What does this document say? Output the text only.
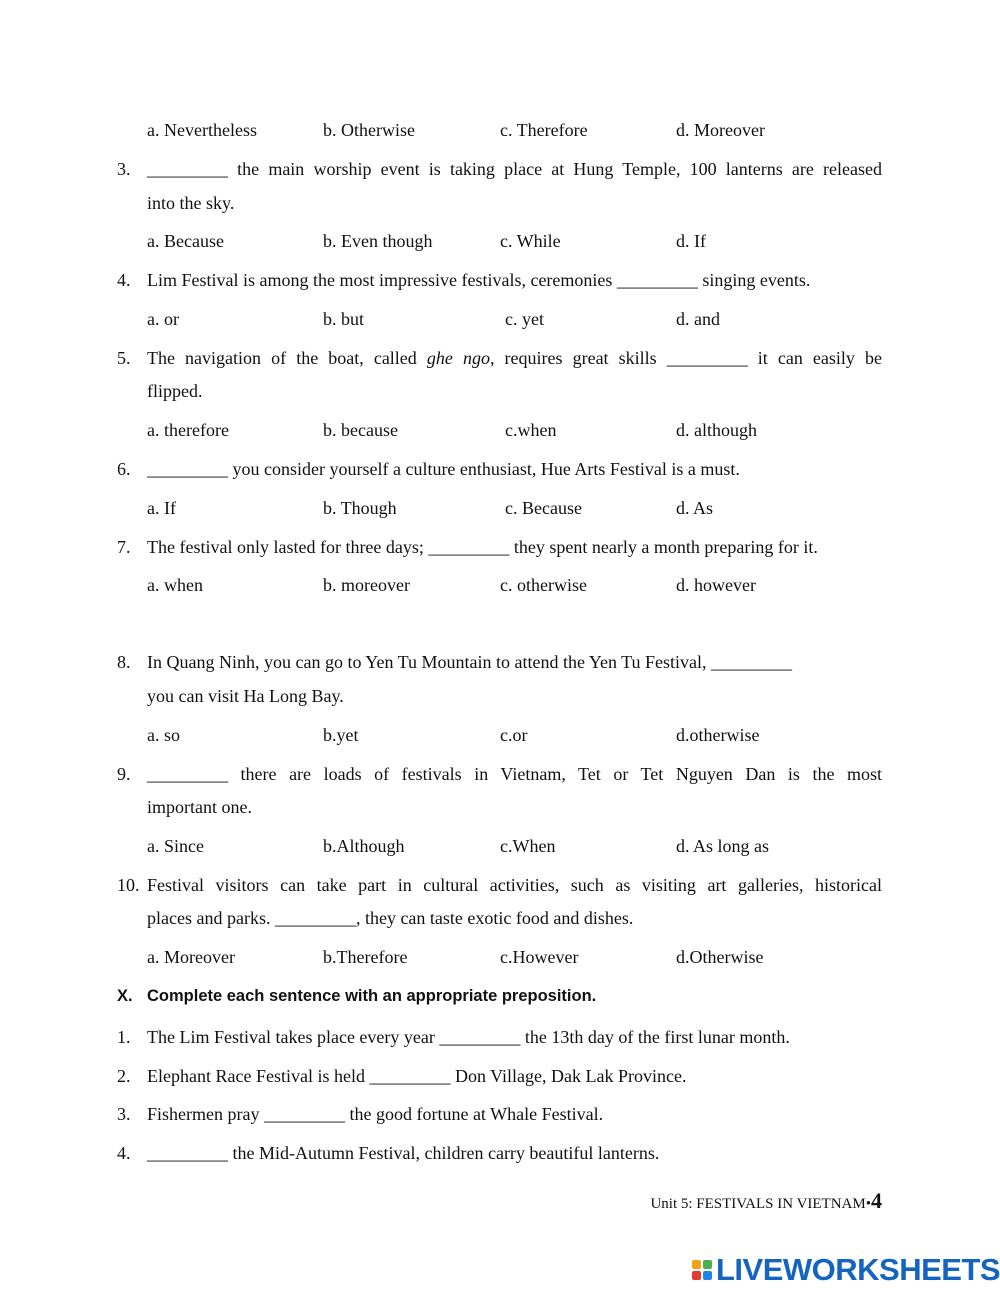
a. Nevertheless	b. Otherwise	c. Therefore	d. Moreover
3. _________ the main worship event is taking place at Hung Temple, 100 lanterns are released
into the sky.
a. Because	b. Even though	c. While	d. If
4. Lim Festival is among the most impressive festivals, ceremonies _________ singing events.
a. or	b. but	c. yet	d. and
5. The navigation of the boat, called ghe ngo, requires great skills _________ it can easily be
flipped.
a. therefore	b. because	c.when	d. although
6. _________ you consider yourself a culture enthusiast, Hue Arts Festival is a must.
a. If	b. Though	c. Because	d. As
7. The festival only lasted for three days; _________ they spent nearly a month preparing for it.
a. when	b. moreover	c. otherwise	d. however
8. In Quang Ninh, you can go to Yen Tu Mountain to attend the Yen Tu Festival, _________
you can visit Ha Long Bay.
a. so	b.yet	c.or	d.otherwise
9. _________ there are loads of festivals in Vietnam, Tet or Tet Nguyen Dan is the most
important one.
a. Since	b.Although	c.When	d. As long as
10. Festival visitors can take part in cultural activities, such as visiting art galleries, historical
places and parks. _________, they can taste exotic food and dishes.
a. Moreover	b.Therefore	c.However	d.Otherwise
X. Complete each sentence with an appropriate preposition.
1. The Lim Festival takes place every year _________ the 13th day of the first lunar month.
2. Elephant Race Festival is held _________ Don Village, Dak Lak Province.
3. Fishermen pray _________ the good fortune at Whale Festival.
4. _________ the Mid-Autumn Festival, children carry beautiful lanterns.
Unit 5: FESTIVALS IN VIETNAM•4
LIVEWORKSHEETS
